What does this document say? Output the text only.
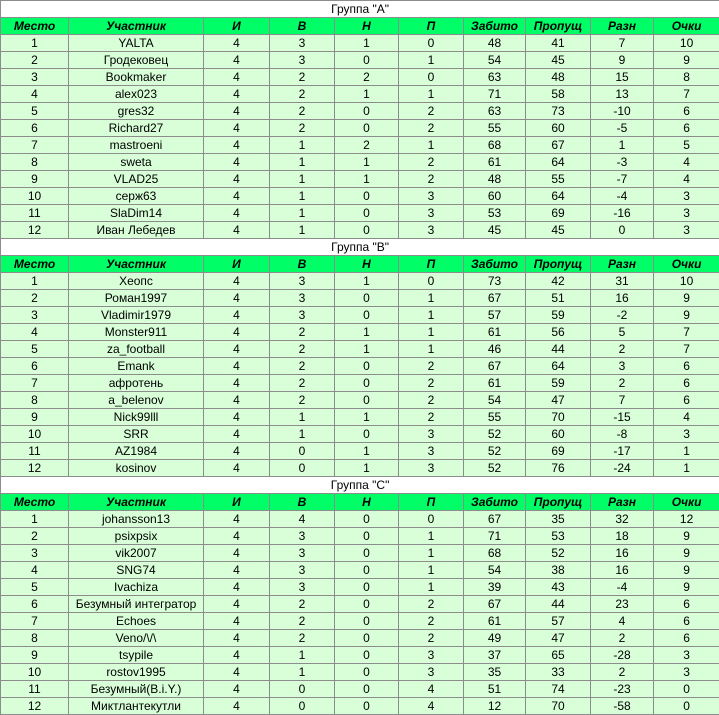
Группа "A"									
Место	Участник	И	В	Н	П	Забито	Пропущ	Разн	Очки
1	YALTA	4	3	1	0	48	41	7	10
2	Гродековец	4	3	0	1	54	45	9	9
3	Bookmaker	4	2	2	0	63	48	15	8
4	alex023	4	2	1	1	71	58	13	7
5	gres32	4	2	0	2	63	73	-10	6
6	Richard27	4	2	0	2	55	60	-5	6
7	mastroeni	4	1	2	1	68	67	1	5
8	sweta	4	1	1	2	61	64	-3	4
9	VLAD25	4	1	1	2	48	55	-7	4
10	серж63	4	1	0	3	60	64	-4	3
11	SlaDim14	4	1	0	3	53	69	-16	3
12	Иван Лебедев	4	1	0	3	45	45	0	3
Группа "B"									
Место	Участник	И	В	Н	П	Забито	Пропущ	Разн	Очки
1	Хеопс	4	3	1	0	73	42	31	10
2	Роман1997	4	3	0	1	67	51	16	9
3	Vladimir1979	4	3	0	1	57	59	-2	9
4	Monster911	4	2	1	1	61	56	5	7
5	za_football	4	2	1	1	46	44	2	7
6	Emank	4	2	0	2	67	64	3	6
7	афротень	4	2	0	2	61	59	2	6
8	a_belenov	4	2	0	2	54	47	7	6
9	Nick99lll	4	1	1	2	55	70	-15	4
10	SRR	4	1	0	3	52	60	-8	3
11	AZ1984	4	0	1	3	52	69	-17	1
12	kosinov	4	0	1	3	52	76	-24	1
Группа "C"									
Место	Участник	И	В	Н	П	Забито	Пропущ	Разн	Очки
1	johansson13	4	4	0	0	67	35	32	12
2	psixpsix	4	3	0	1	71	53	18	9
3	vik2007	4	3	0	1	68	52	16	9
4	SNG74	4	3	0	1	54	38	16	9
5	Ivachiza	4	3	0	1	39	43	-4	9
6	Безумный интегратор	4	2	0	2	67	44	23	6
7	Echoes	4	2	0	2	61	57	4	6
8	Veno/\/\	4	2	0	2	49	47	2	6
9	tsypile	4	1	0	3	37	65	-28	3
10	rostov1995	4	1	0	3	35	33	2	3
11	Безумный(B.i.Y.)	4	0	0	4	51	74	-23	0
12	Миктлантекутли	4	0	0	4	12	70	-58	0
